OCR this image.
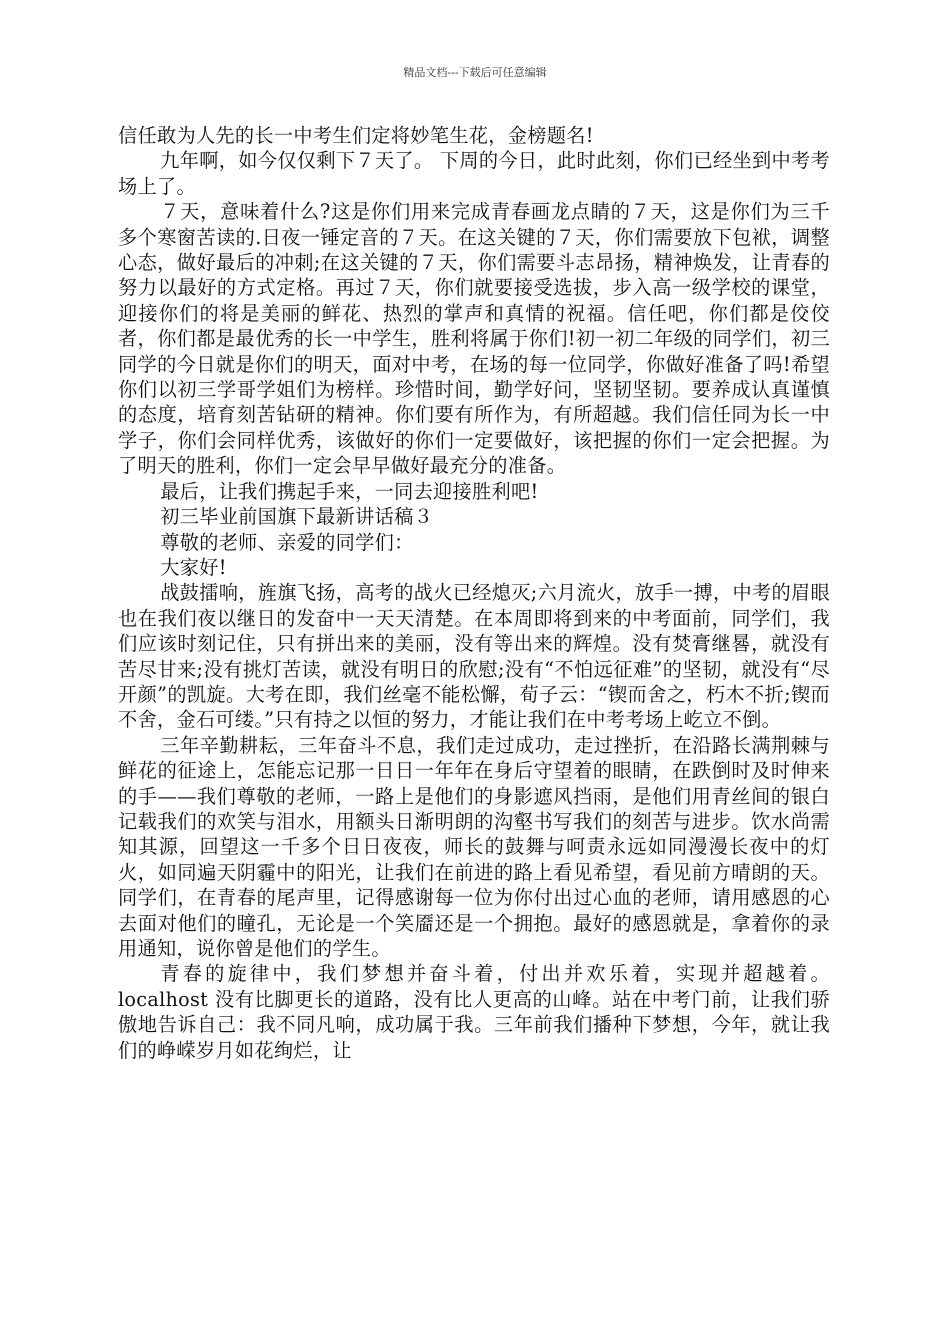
精品文档---下载后可任意编辑

信任敢为人先的长一中考生们定将妙笔生花，金榜题名!

九年啊，如今仅仅剩下７天了。 下周的今日，此时此刻，你们已经坐到中考考场上了。

７天，意味着什么?这是你们用来完成青春画龙点睛的７天，这是你们为三千多个寒窗苦读的.日夜一锤定音的７天。在这关键的７天，你们需要放下包袱，调整心态，做好最后的冲刺;在这关键的７天，你们需要斗志昂扬，精神焕发，让青春的努力以最好的方式定格。再过７天，你们就要接受选拔，步入高一级学校的课堂，迎接你们的将是美丽的鲜花、热烈的掌声和真情的祝福。信任吧，你们都是佼佼者，你们都是最优秀的长一中学生，胜利将属于你们!初一初二年级的同学们，初三同学的今日就是你们的明天，面对中考，在场的每一位同学，你做好准备了吗!希望你们以初三学哥学姐们为榜样。珍惜时间，勤学好问，坚韧坚韧。要养成认真谨慎的态度，培育刻苦钻研的精神。你们要有所作为，有所超越。我们信任同为长一中学子，你们会同样优秀，该做好的你们一定要做好，该把握的你们一定会把握。为了明天的胜利，你们一定会早早做好最充分的准备。

最后，让我们携起手来，一同去迎接胜利吧!

初三毕业前国旗下最新讲话稿３

尊敬的老师、亲爱的同学们：

大家好!

战鼓擂响，旌旗飞扬，高考的战火已经熄灭;六月流火，放手一搏，中考的眉眼也在我们夜以继日的发奋中一天天清楚。在本周即将到来的中考面前，同学们，我们应该时刻记住，只有拼出来的美丽，没有等出来的辉煌。没有焚膏继晷，就没有苦尽甘来;没有挑灯苦读，就没有明日的欣慰;没有“不怕远征难”的坚韧，就没有“尽开颜”的凯旋。大考在即，我们丝毫不能松懈，荀子云：“锲而舍之，朽木不折;锲而不舍，金石可缕。”只有持之以恒的努力，才能让我们在中考考场上屹立不倒。

三年辛勤耕耘，三年奋斗不息，我们走过成功，走过挫折，在沿路长满荆棘与鲜花的征途上，怎能忘记那一日日一年年在身后守望着的眼睛，在跌倒时及时伸来的手——我们尊敬的老师，一路上是他们的身影遮风挡雨，是他们用青丝间的银白记载我们的欢笑与泪水，用额头日渐明朗的沟壑书写我们的刻苦与进步。饮水尚需知其源，回望这一千多个日日夜夜，师长的鼓舞与呵责永远如同漫漫长夜中的灯火，如同遍天阴霾中的阳光，让我们在前进的路上看见希望，看见前方晴朗的天。同学们，在青春的尾声里，记得感谢每一位为你付出过心血的老师，请用感恩的心去面对他们的瞳孔，无论是一个笑靥还是一个拥抱。最好的感恩就是，拿着你的录用通知，说你曾是他们的学生。

青春的旋律中，我们梦想并奋斗着，付出并欢乐着，实现并超越着。localhost 没有比脚更长的道路，没有比人更高的山峰。站在中考门前，让我们骄傲地告诉自己：我不同凡响，成功属于我。三年前我们播种下梦想，今年，就让我们的峥嵘岁月如花绚烂，让
